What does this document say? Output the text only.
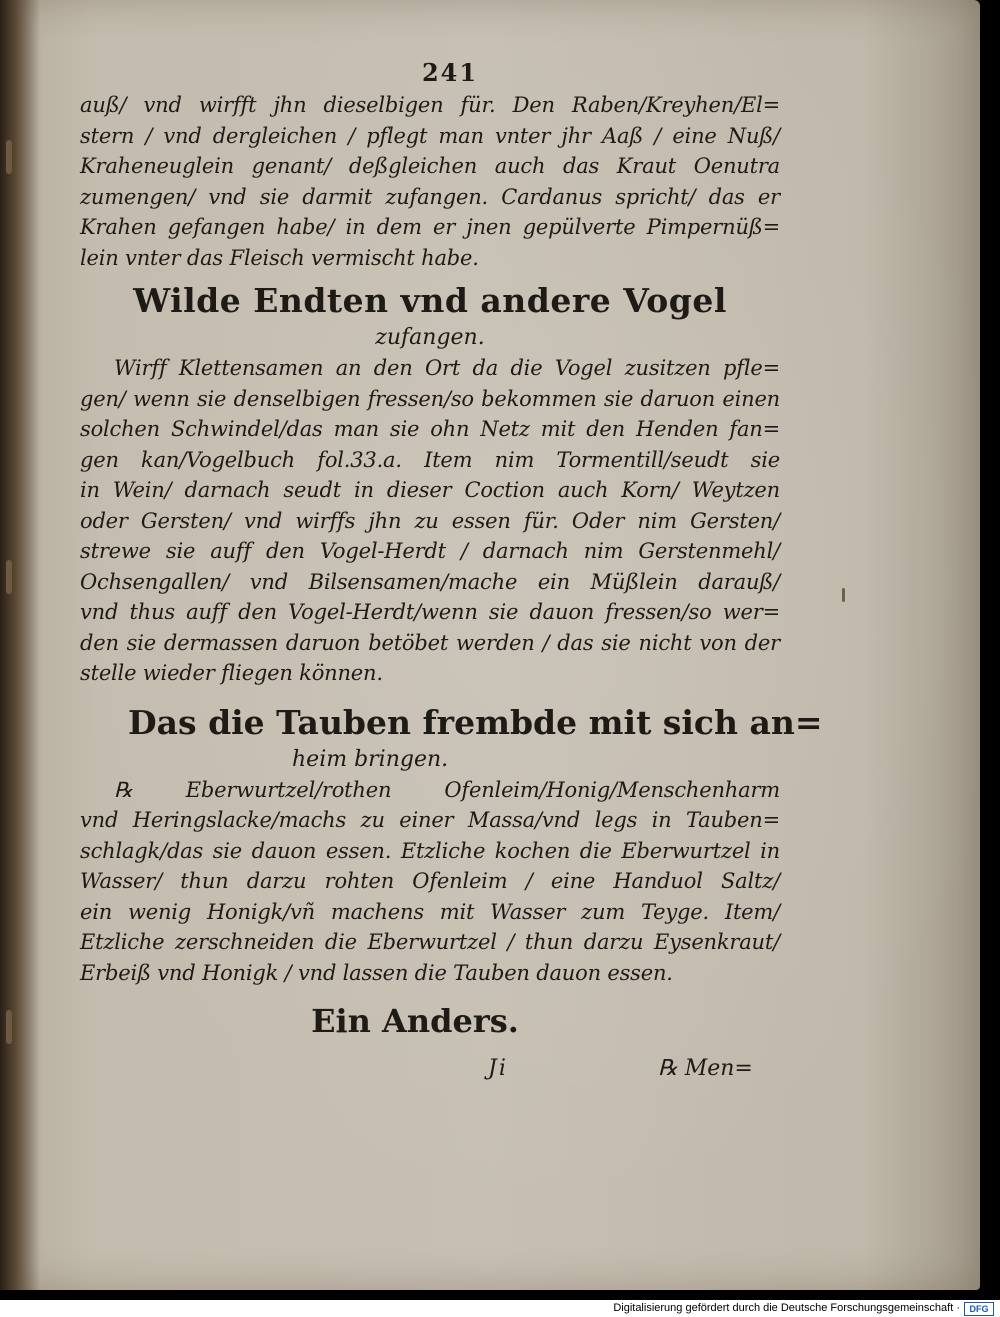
241
auß/ vnd wirfft jhn dieselbigen für. Den Raben/Kreyhen/El=
stern / vnd dergleichen / pflegt man vnter jhr Aaß / eine Nuß/
Kraheneuglein genant/ deßgleichen auch das Kraut Oenutra
zumengen/ vnd sie darmit zufangen. Cardanus spricht/ das er
Krahen gefangen habe/ in dem er jnen gepülverte Pimpernüß=
lein vnter das Fleisch vermischt habe.
Wilde Endten vnd andere Vogel
zufangen.
Wirff Klettensamen an den Ort da die Vogel zusitzen pfle=
gen/ wenn sie denselbigen fressen/so bekommen sie daruon einen
solchen Schwindel/das man sie ohn Netz mit den Henden fan=
gen kan/Vogelbuch fol.33.a. Item nim Tormentill/seudt sie
in Wein/ darnach seudt in dieser Coction auch Korn/ Weytzen
oder Gersten/ vnd wirffs jhn zu essen für. Oder nim Gersten/
strewe sie auff den Vogel-Herdt / darnach nim Gerstenmehl/
Ochsengallen/ vnd Bilsensamen/mache ein Müßlein darauß/
vnd thus auff den Vogel-Herdt/wenn sie dauon fressen/so wer=
den sie dermassen daruon betöbet werden / das sie nicht von der
stelle wieder fliegen können.
Das die Tauben frembde mit sich an=
heim bringen.
℞ Eberwurtzel/rothen Ofenleim/Honig/Menschenharm
vnd Heringslacke/machs zu einer Massa/vnd legs in Tauben=
schlagk/das sie dauon essen. Etzliche kochen die Eberwurtzel in
Wasser/ thun darzu rohten Ofenleim / eine Handuol Saltz/
ein wenig Honigk/vñ machens mit Wasser zum Teyge. Item/
Etzliche zerschneiden die Eberwurtzel / thun darzu Eysenkraut/
Erbeiß vnd Honigk / vnd lassen die Tauben dauon essen.
Ein Anders.
Ji	℞ Men=
Digitalisierung gefördert durch die Deutsche Forschungsgemeinschaft ·	DFG
